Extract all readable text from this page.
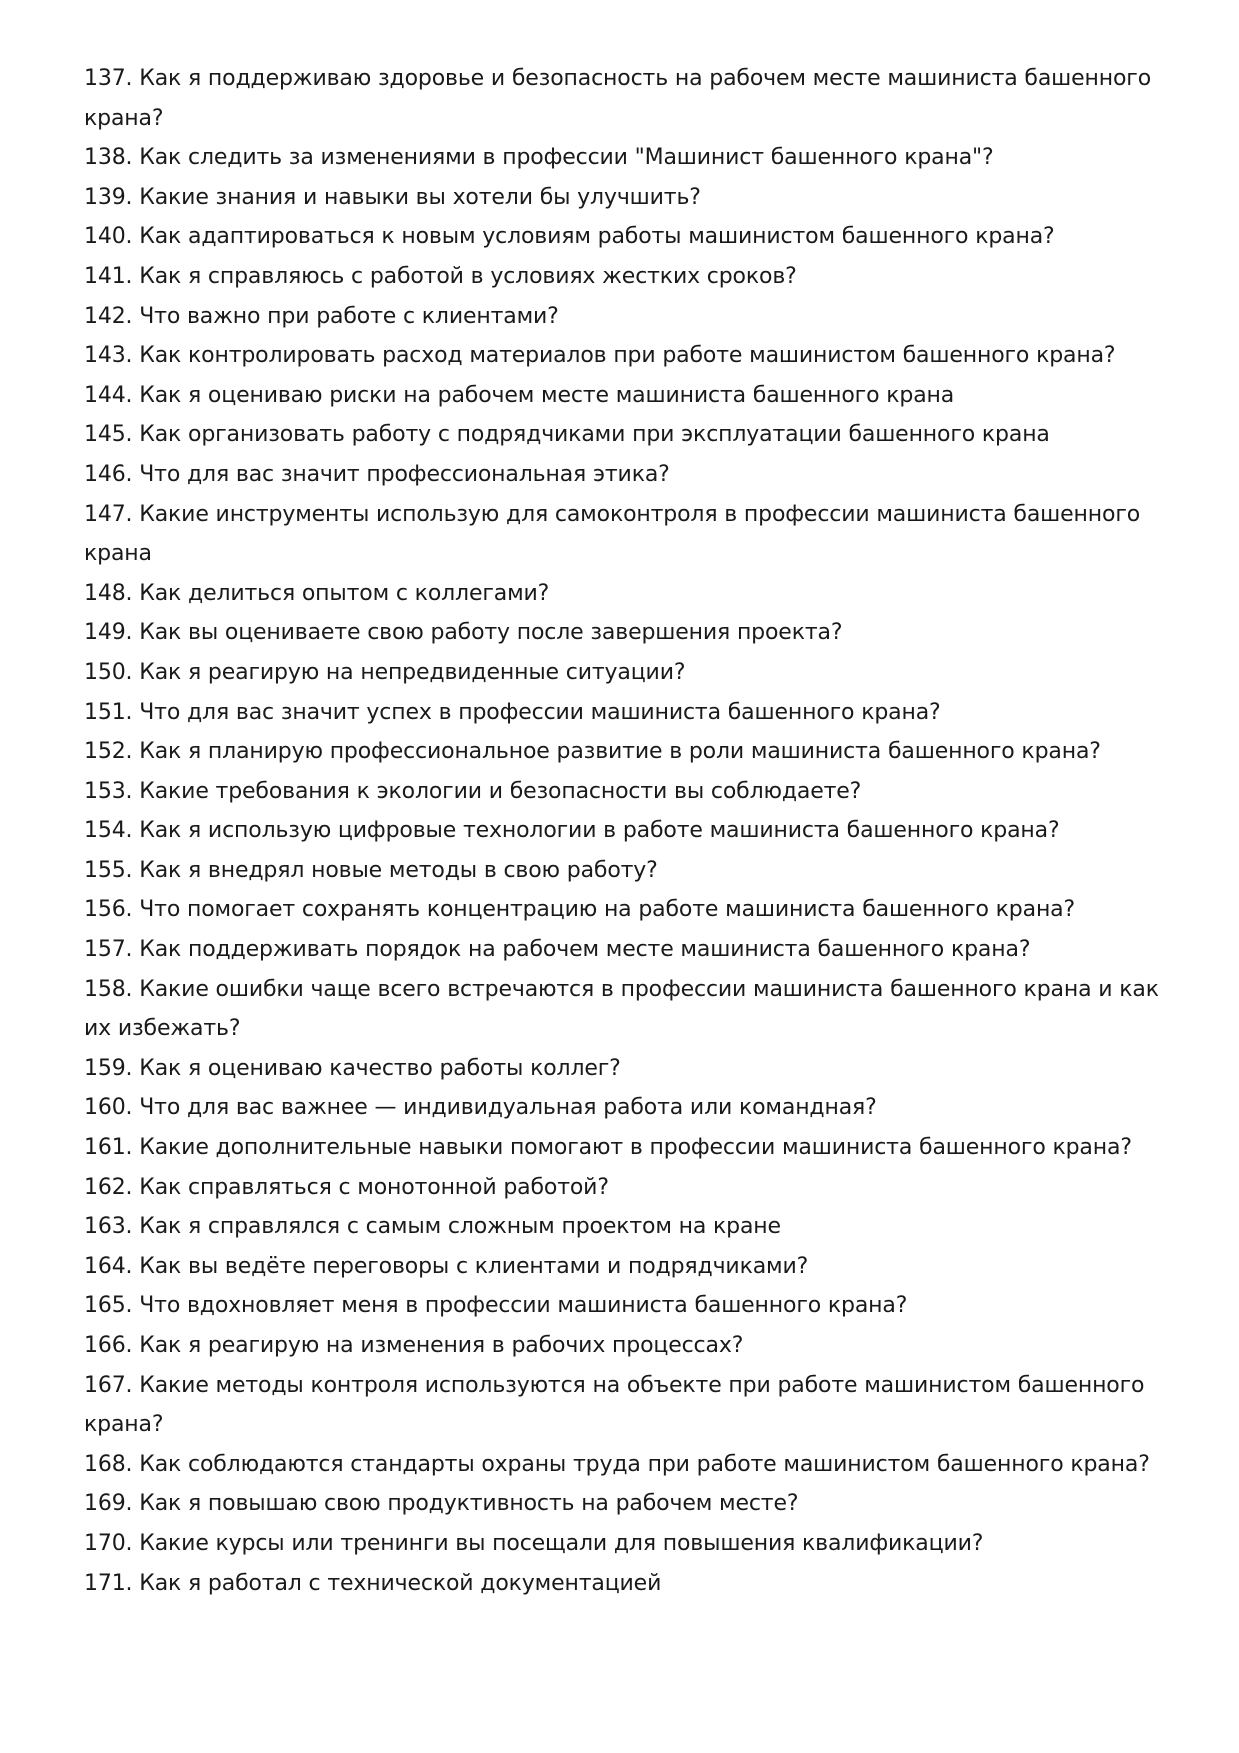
137. Как я поддерживаю здоровье и безопасность на рабочем месте машиниста башенного крана?
138. Как следить за изменениями в профессии "Машинист башенного крана"?
139. Какие знания и навыки вы хотели бы улучшить?
140. Как адаптироваться к новым условиям работы машинистом башенного крана?
141. Как я справляюсь с работой в условиях жестких сроков?
142. Что важно при работе с клиентами?
143. Как контролировать расход материалов при работе машинистом башенного крана?
144. Как я оцениваю риски на рабочем месте машиниста башенного крана
145. Как организовать работу с подрядчиками при эксплуатации башенного крана
146. Что для вас значит профессиональная этика?
147. Какие инструменты использую для самоконтроля в профессии машиниста башенного крана
148. Как делиться опытом с коллегами?
149. Как вы оцениваете свою работу после завершения проекта?
150. Как я реагирую на непредвиденные ситуации?
151. Что для вас значит успех в профессии машиниста башенного крана?
152. Как я планирую профессиональное развитие в роли машиниста башенного крана?
153. Какие требования к экологии и безопасности вы соблюдаете?
154. Как я использую цифровые технологии в работе машиниста башенного крана?
155. Как я внедрял новые методы в свою работу?
156. Что помогает сохранять концентрацию на работе машиниста башенного крана?
157. Как поддерживать порядок на рабочем месте машиниста башенного крана?
158. Какие ошибки чаще всего встречаются в профессии машиниста башенного крана и как их избежать?
159. Как я оцениваю качество работы коллег?
160. Что для вас важнее — индивидуальная работа или командная?
161. Какие дополнительные навыки помогают в профессии машиниста башенного крана?
162. Как справляться с монотонной работой?
163. Как я справлялся с самым сложным проектом на кране
164. Как вы ведёте переговоры с клиентами и подрядчиками?
165. Что вдохновляет меня в профессии машиниста башенного крана?
166. Как я реагирую на изменения в рабочих процессах?
167. Какие методы контроля используются на объекте при работе машинистом башенного крана?
168. Как соблюдаются стандарты охраны труда при работе машинистом башенного крана?
169. Как я повышаю свою продуктивность на рабочем месте?
170. Какие курсы или тренинги вы посещали для повышения квалификации?
171. Как я работал с технической документацией
